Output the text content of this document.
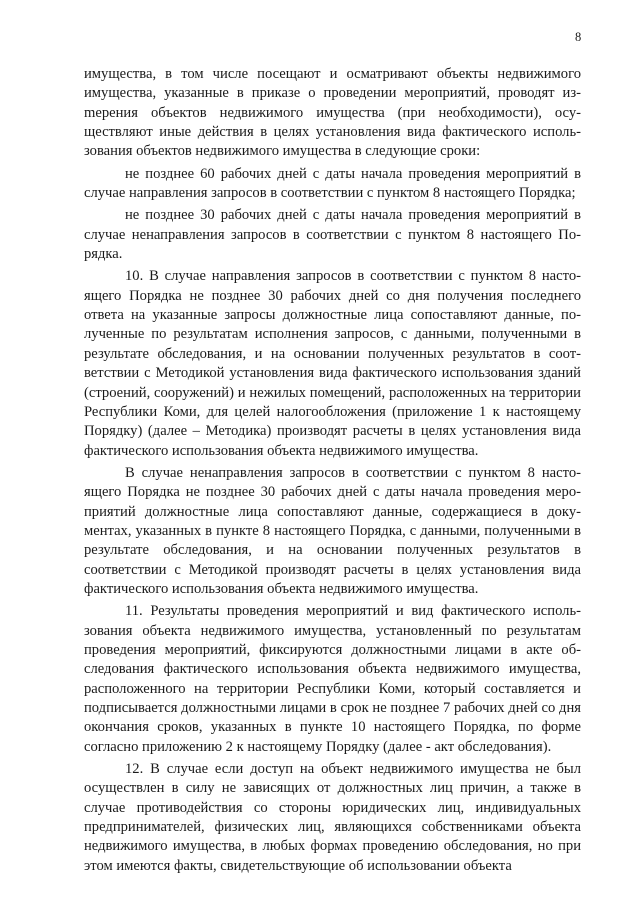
8

имущества, в том числе посещают и осматривают объекты недвижимого имущества, указанные в приказе о проведении мероприятий, проводят изmерения объектов недвижимого имущества (при необходимости), осуществляют иные действия в целях установления вида фактического использования объектов недвижимого имущества в следующие сроки:

не позднее 60 рабочих дней с даты начала проведения мероприятий в случае направления запросов в соответствии с пунктом 8 настоящего Порядка;

не позднее 30 рабочих дней с даты начала проведения мероприятий в случае ненаправления запросов в соответствии с пунктом 8 настоящего Порядка.

10. В случае направления запросов в соответствии с пунктом 8 настоящего Порядка не позднее 30 рабочих дней со дня получения последнего ответа на указанные запросы должностные лица сопоставляют данные, полученные по результатам исполнения запросов, с данными, полученными в результате обследования, и на основании полученных результатов в соответствии с Методикой установления вида фактического использования зданий (строений, сооружений) и нежилых помещений, расположенных на территории Республики Коми, для целей налогообложения (приложение 1 к настоящему Порядку) (далее – Методика) производят расчеты в целях установления вида фактического использования объекта недвижимого имущества.

В случае ненаправления запросов в соответствии с пунктом 8 настоящего Порядка не позднее 30 рабочих дней с даты начала проведения мероприятий должностные лица сопоставляют данные, содержащиеся в документах, указанных в пункте 8 настоящего Порядка, с данными, полученными в результате обследования, и на основании полученных результатов в соответствии с Методикой производят расчеты в целях установления вида фактического использования объекта недвижимого имущества.

11. Результаты проведения мероприятий и вид фактического использования объекта недвижимого имущества, установленный по результатам проведения мероприятий, фиксируются должностными лицами в акте обследования фактического использования объекта недвижимого имущества, расположенного на территории Республики Коми, который составляется и подписывается должностными лицами в срок не позднее 7 рабочих дней со дня окончания сроков, указанных в пункте 10 настоящего Порядка, по форме согласно приложению 2 к настоящему Порядку (далее - акт обследования).

12. В случае если доступ на объект недвижимого имущества не был осуществлен в силу не зависящих от должностных лиц причин, а также в случае противодействия со стороны юридических лиц, индивидуальных предпринимателей, физических лиц, являющихся собственниками объекта недвижимого имущества, в любых формах проведению обследования, но при этом имеются факты, свидетельствующие об использовании объекта
